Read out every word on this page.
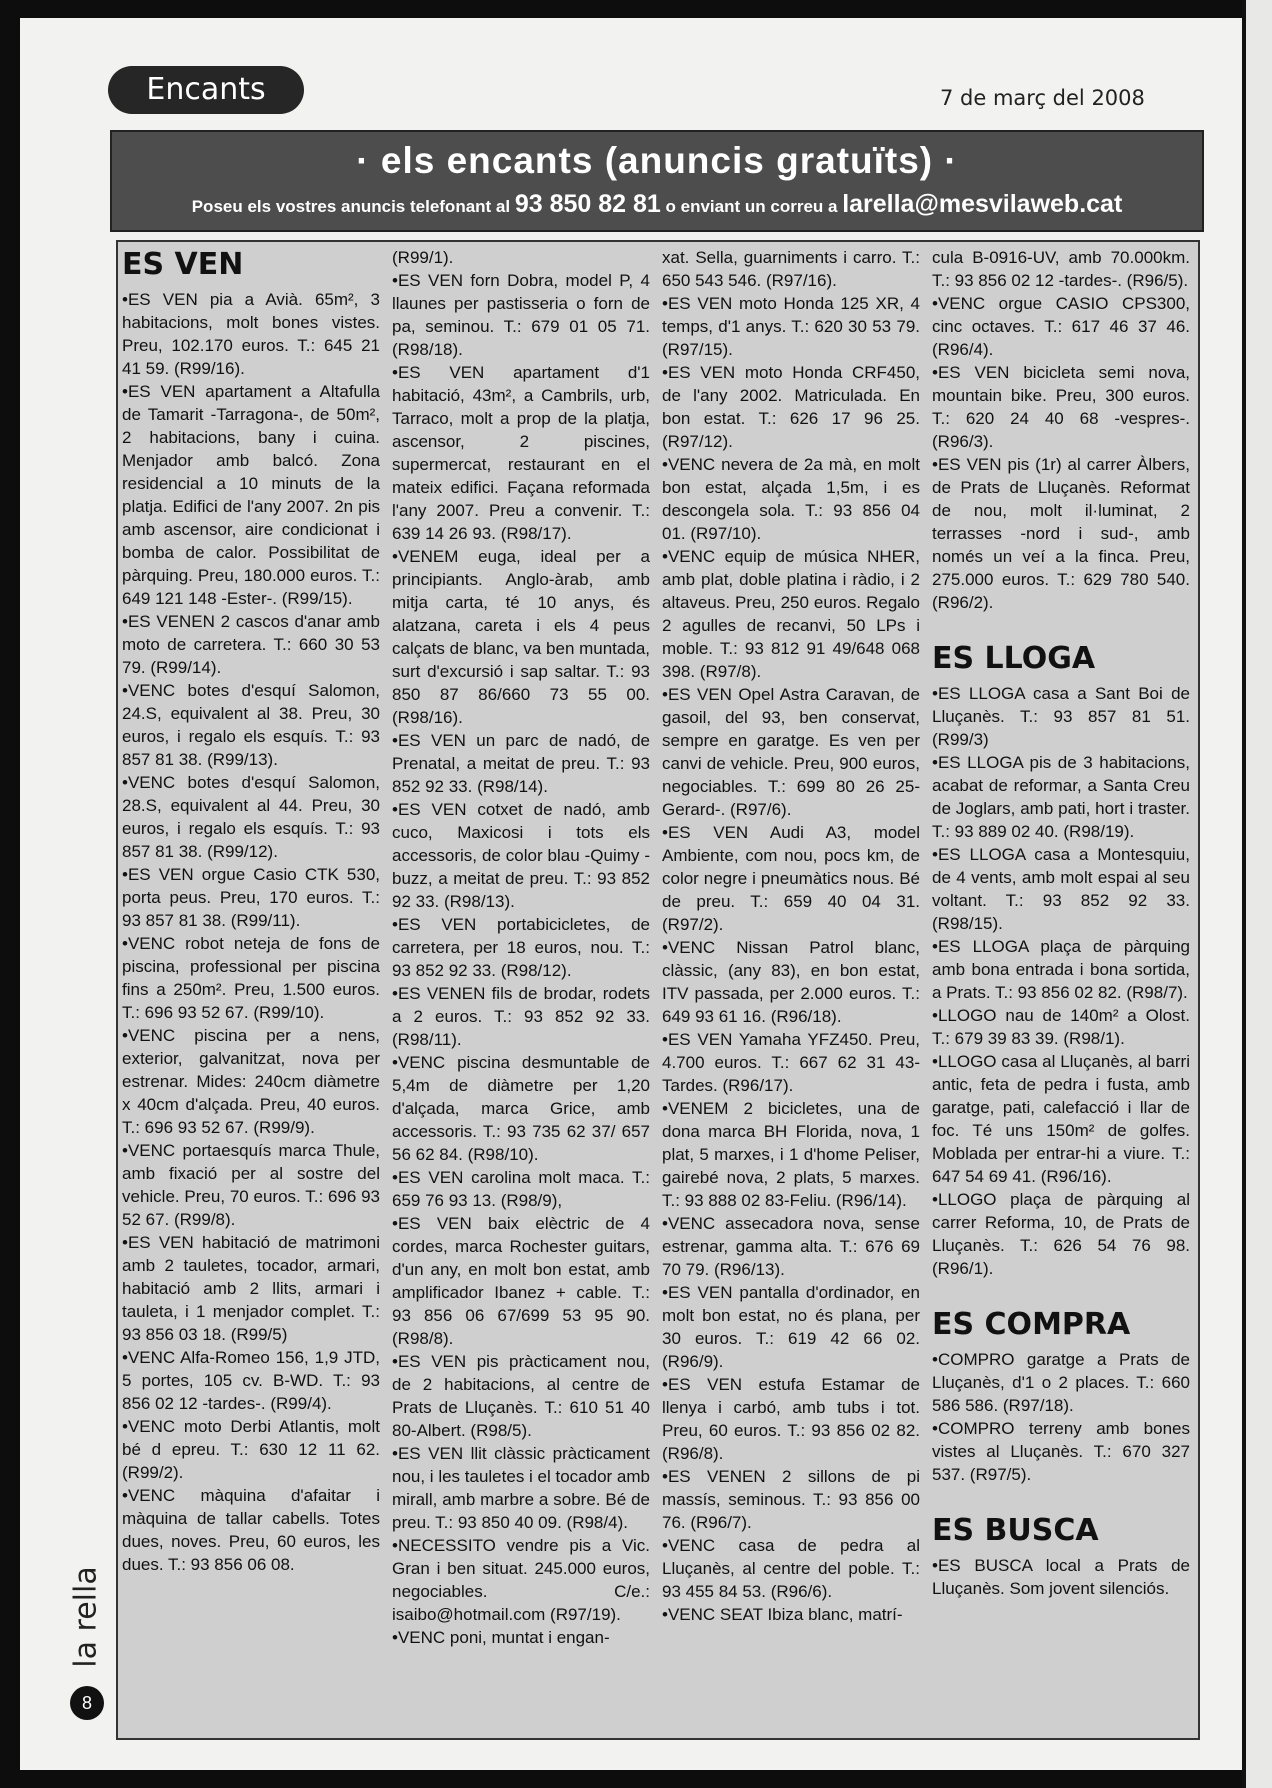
Encants	7 de març del 2008
· els encants (anuncis gratuïts) ·
Poseu els vostres anuncis telefonant al 93 850 82 81 o enviant un correu a larella@mesvilaweb.cat
ES VEN

•ES VEN pia a Avià. 65m², 3 habitacions, molt bones vistes. Preu, 102.170 euros. T.: 645 21 41 59. (R99/16).

•ES VEN apartament a Altafulla de Tamarit -Tarragona-, de 50m², 2 habitacions, bany i cuina. Menjador amb balcó. Zona residencial a 10 minuts de la platja. Edifici de l'any 2007. 2n pis amb ascensor, aire condicionat i bomba de calor. Possibilitat de pàrquing. Preu, 180.000 euros. T.: 649 121 148 -Ester-. (R99/15).

•ES VENEN 2 cascos d'anar amb moto de carretera. T.: 660 30 53 79. (R99/14).

•VENC botes d'esquí Salomon, 24.S, equivalent al 38. Preu, 30 euros, i regalo els esquís. T.: 93 857 81 38. (R99/13).

•VENC botes d'esquí Salomon, 28.S, equivalent al 44. Preu, 30 euros, i regalo els esquís. T.: 93 857 81 38. (R99/12).

•ES VEN orgue Casio CTK 530, porta peus. Preu, 170 euros. T.: 93 857 81 38. (R99/11).

•VENC robot neteja de fons de piscina, professional per piscina fins a 250m². Preu, 1.500 euros. T.: 696 93 52 67. (R99/10).

•VENC piscina per a nens, exterior, galvanitzat, nova per estrenar. Mides: 240cm diàmetre x 40cm d'alçada. Preu, 40 euros. T.: 696 93 52 67. (R99/9).

•VENC portaesquís marca Thule, amb fixació per al sostre del vehicle. Preu, 70 euros. T.: 696 93 52 67. (R99/8).

•ES VEN habitació de matrimoni amb 2 tauletes, tocador, armari, habitació amb 2 llits, armari i tauleta, i 1 menjador complet. T.: 93 856 03 18. (R99/5)

•VENC Alfa-Romeo 156, 1,9 JTD, 5 portes, 105 cv. B-WD. T.: 93 856 02 12 -tardes-. (R99/4).

•VENC moto Derbi Atlantis, molt bé d epreu. T.: 630 12 11 62. (R99/2).

•VENC màquina d'afaitar i màquina de tallar cabells. Totes dues, noves. Preu, 60 euros, les dues. T.: 93 856 06 08.

(R99/1).

•ES VEN forn Dobra, model P, 4 llaunes per pastisseria o forn de pa, seminou. T.: 679 01 05 71. (R98/18).

•ES VEN apartament d'1 habitació, 43m², a Cambrils, urb, Tarraco, molt a prop de la platja, ascensor, 2 piscines, supermercat, restaurant en el mateix edifici. Façana reformada l'any 2007. Preu a convenir. T.: 639 14 26 93. (R98/17).

•VENEM euga, ideal per a principiants. Anglo-àrab, amb mitja carta, té 10 anys, és alatzana, careta i els 4 peus calçats de blanc, va ben muntada, surt d'excursió i sap saltar. T.: 93 850 87 86/660 73 55 00. (R98/16).

•ES VEN un parc de nadó, de Prenatal, a meitat de preu. T.: 93 852 92 33. (R98/14).

•ES VEN cotxet de nadó, amb cuco, Maxicosi i tots els accessoris, de color blau -Quimy - buzz, a meitat de preu. T.: 93 852 92 33. (R98/13).

•ES VEN portabicicletes, de carretera, per 18 euros, nou. T.: 93 852 92 33. (R98/12).

•ES VENEN fils de brodar, rodets a 2 euros. T.: 93 852 92 33. (R98/11).

•VENC piscina desmuntable de 5,4m de diàmetre per 1,20 d'alçada, marca Grice, amb accessoris. T.: 93 735 62 37/ 657 56 62 84. (R98/10).

•ES VEN carolina molt maca. T.: 659 76 93 13. (R98/9),

•ES VEN baix elèctric de 4 cordes, marca Rochester guitars, d'un any, en molt bon estat, amb amplificador Ibanez + cable. T.: 93 856 06 67/699 53 95 90. (R98/8).

•ES VEN pis pràcticament nou, de 2 habitacions, al centre de Prats de Lluçanès. T.: 610 51 40 80-Albert. (R98/5).

•ES VEN llit clàssic pràcticament nou, i les tauletes i el tocador amb mirall, amb marbre a sobre. Bé de preu. T.: 93 850 40 09. (R98/4).

•NECESSITO vendre pis a Vic. Gran i ben situat. 245.000 euros, negociables. C/e.: isaibo@hotmail.com (R97/19).

•VENC poni, muntat i engan-

xat. Sella, guarniments i carro. T.: 650 543 546. (R97/16).

•ES VEN moto Honda 125 XR, 4 temps, d'1 anys. T.: 620 30 53 79. (R97/15).

•ES VEN moto Honda CRF450, de l'any 2002. Matriculada. En bon estat. T.: 626 17 96 25. (R97/12).

•VENC nevera de 2a mà, en molt bon estat, alçada 1,5m, i es descongela sola. T.: 93 856 04 01. (R97/10).

•VENC equip de música NHER, amb plat, doble platina i ràdio, i 2 altaveus. Preu, 250 euros. Regalo 2 agulles de recanvi, 50 LPs i moble. T.: 93 812 91 49/648 068 398. (R97/8).

•ES VEN Opel Astra Caravan, de gasoil, del 93, ben conservat, sempre en garatge. Es ven per canvi de vehicle. Preu, 900 euros, negociables. T.: 699 80 26 25-Gerard-. (R97/6).

•ES VEN Audi A3, model Ambiente, com nou, pocs km, de color negre i pneumàtics nous. Bé de preu. T.: 659 40 04 31. (R97/2).

•VENC Nissan Patrol blanc, clàssic, (any 83), en bon estat, ITV passada, per 2.000 euros. T.: 649 93 61 16. (R96/18).

•ES VEN Yamaha YFZ450. Preu, 4.700 euros. T.: 667 62 31 43-Tardes. (R96/17).

•VENEM 2 bicicletes, una de dona marca BH Florida, nova, 1 plat, 5 marxes, i 1 d'home Peliser, gairebé nova, 2 plats, 5 marxes. T.: 93 888 02 83-Feliu. (R96/14).

•VENC assecadora nova, sense estrenar, gamma alta. T.: 676 69 70 79. (R96/13).

•ES VEN pantalla d'ordinador, en molt bon estat, no és plana, per 30 euros. T.: 619 42 66 02. (R96/9).

•ES VEN estufa Estamar de llenya i carbó, amb tubs i tot. Preu, 60 euros. T.: 93 856 02 82. (R96/8).

•ES VENEN 2 sillons de pi massís, seminous. T.: 93 856 00 76. (R96/7).

•VENC casa de pedra al Lluçanès, al centre del poble. T.: 93 455 84 53. (R96/6).

•VENC SEAT Ibiza blanc, matrí-

cula B-0916-UV, amb 70.000km. T.: 93 856 02 12 -tardes-. (R96/5).

•VENC orgue CASIO CPS300, cinc octaves. T.: 617 46 37 46. (R96/4).

•ES VEN bicicleta semi nova, mountain bike. Preu, 300 euros. T.: 620 24 40 68 -vespres-. (R96/3).

•ES VEN pis (1r) al carrer Àlbers, de Prats de Lluçanès. Reformat de nou, molt il·luminat, 2 terrasses -nord i sud-, amb només un veí a la finca. Preu, 275.000 euros. T.: 629 780 540. (R96/2).

ES LLOGA

•ES LLOGA casa a Sant Boi de Lluçanès. T.: 93 857 81 51. (R99/3)

•ES LLOGA pis de 3 habitacions, acabat de reformar, a Santa Creu de Joglars, amb pati, hort i traster. T.: 93 889 02 40. (R98/19).

•ES LLOGA casa a Montesquiu, de 4 vents, amb molt espai al seu voltant. T.: 93 852 92 33. (R98/15).

•ES LLOGA plaça de pàrquing amb bona entrada i bona sortida, a Prats. T.: 93 856 02 82. (R98/7).

•LLOGO nau de 140m² a Olost. T.: 679 39 83 39. (R98/1).

•LLOGO casa al Lluçanès, al barri antic, feta de pedra i fusta, amb garatge, pati, calefacció i llar de foc. Té uns 150m² de golfes. Moblada per entrar-hi a viure. T.: 647 54 69 41. (R96/16).

•LLOGO plaça de pàrquing al carrer Reforma, 10, de Prats de Lluçanès. T.: 626 54 76 98. (R96/1).

ES COMPRA

•COMPRO garatge a Prats de Lluçanès, d'1 o 2 places. T.: 660 586 586. (R97/18).

•COMPRO terreny amb bones vistes al Lluçanès. T.: 670 327 537. (R97/5).

ES BUSCA

•ES BUSCA local a Prats de Lluçanès. Som jovent silenciós.

la rella
8
